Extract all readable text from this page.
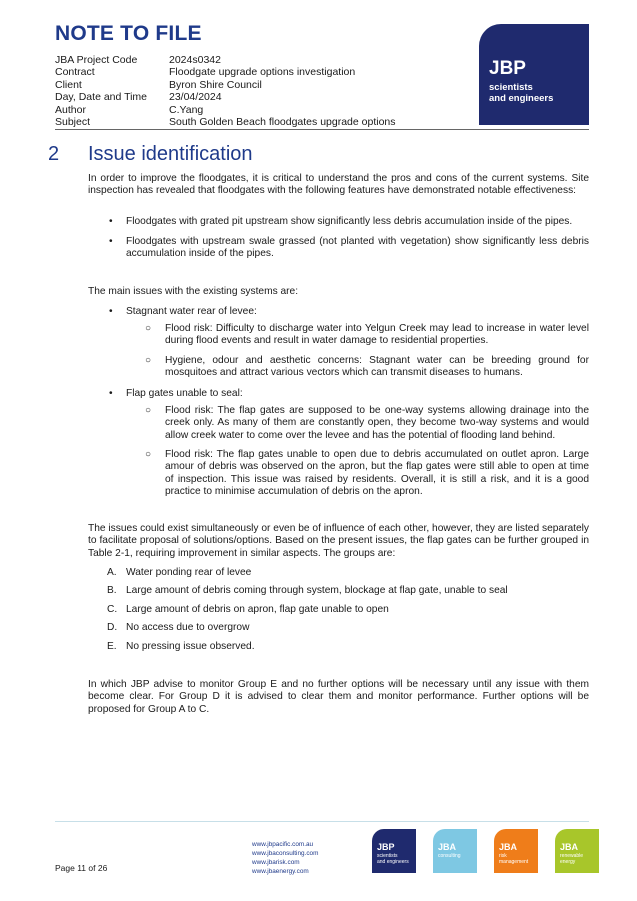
NOTE TO FILE
JBA Project Code	2024s0342
Contract	Floodgate upgrade options investigation
Client	Byron Shire Council
Day, Date and Time	23/04/2024
Author	C.Yang
Subject	South Golden Beach floodgates upgrade options
JBP
scientists
and engineers
2 Issue identification
In order to improve the floodgates, it is critical to understand the pros and cons of the current systems. Site inspection has revealed that floodgates with the following features have demonstrated notable effectiveness:
• Floodgates with grated pit upstream show significantly less debris accumulation inside of the pipes.
• Floodgates with upstream swale grassed (not planted with vegetation) show significantly less debris accumulation inside of the pipes.
The main issues with the existing systems are:
• Stagnant water rear of levee:
○ Flood risk: Difficulty to discharge water into Yelgun Creek may lead to increase in water level during flood events and result in water damage to residential properties.
○ Hygiene, odour and aesthetic concerns: Stagnant water can be breeding ground for mosquitoes and attract various vectors which can transmit diseases to humans.
• Flap gates unable to seal:
○ Flood risk: The flap gates are supposed to be one-way systems allowing drainage into the creek only. As many of them are constantly open, they become two-way systems and would allow creek water to come over the levee and has the potential of flooding land behind.
○ Flood risk: The flap gates unable to open due to debris accumulated on outlet apron. Large amour of debris was observed on the apron, but the flap gates were still able to open at time of inspection. This issue was raised by residents. Overall, it is still a risk, and it is a good practice to minimise accumulation of debris on the apron.
The issues could exist simultaneously or even be of influence of each other, however, they are listed separately to facilitate proposal of solutions/options. Based on the present issues, the flap gates can be further grouped in Table 2-1, requiring improvement in similar aspects. The groups are:
A. Water ponding rear of levee
B. Large amount of debris coming through system, blockage at flap gate, unable to seal
C. Large amount of debris on apron, flap gate unable to open
D. No access due to overgrow
E. No pressing issue observed.
In which JBP advise to monitor Group E and no further options will be necessary until any issue with them become clear. For Group D it is advised to clear them and monitor performance. Further options will be proposed for Group A to C.
Page 11 of 26
www.jbpacific.com.au
www.jbaconsulting.com
www.jbarisk.com
www.jbaenergy.com
JBP
scientists
and engineers
JBA
consulting
JBA
risk
management
JBA
renewable
energy
